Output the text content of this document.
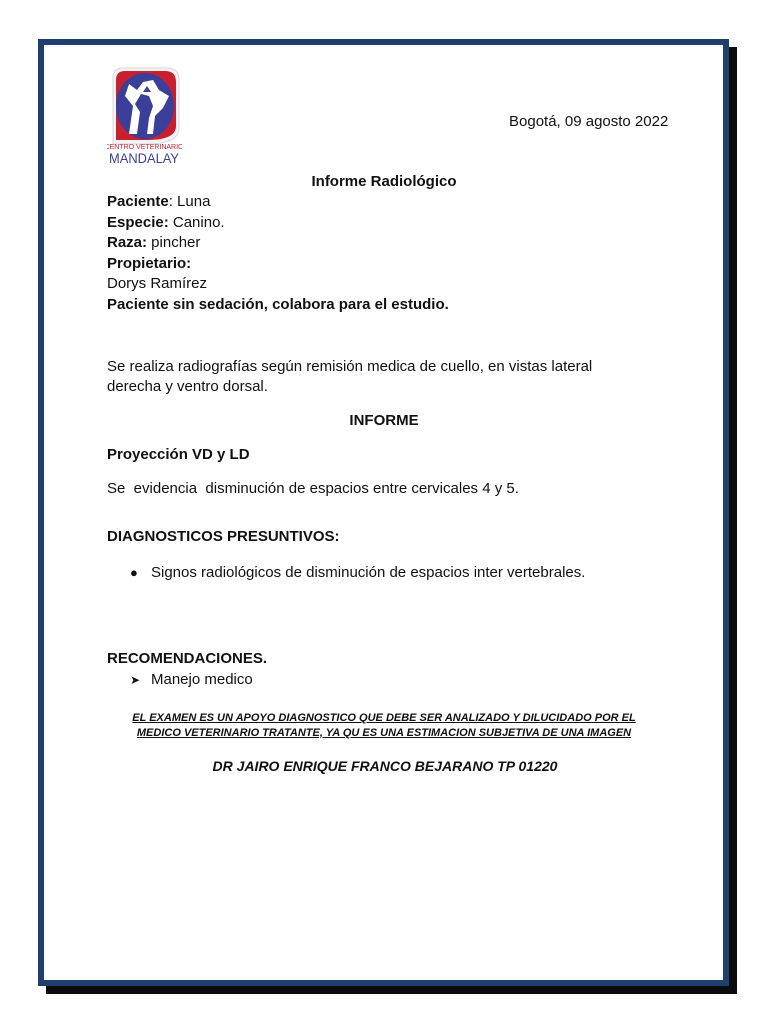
CENTRO VETERINARIO
MANDALAY
Bogotá, 09 agosto 2022
Informe Radiológico
Paciente: Luna
Especie: Canino.
Raza: pincher
Propietario:
Dorys Ramírez
Paciente sin sedación, colabora para el estudio.
Se realiza radiografías según remisión medica de cuello, en vistas lateral
derecha y ventro dorsal.
INFORME
Proyección VD y LD
Se  evidencia  disminución de espacios entre cervicales 4 y 5.
DIAGNOSTICOS PRESUNTIVOS:
● Signos radiológicos de disminución de espacios inter vertebrales.
RECOMENDACIONES.
➤ Manejo medico
EL EXAMEN ES UN APOYO DIAGNOSTICO QUE DEBE SER ANALIZADO Y DILUCIDADO POR EL
MEDICO VETERINARIO TRATANTE, YA QU ES UNA ESTIMACION SUBJETIVA DE UNA IMAGEN
DR JAIRO ENRIQUE FRANCO BEJARANO TP 01220
